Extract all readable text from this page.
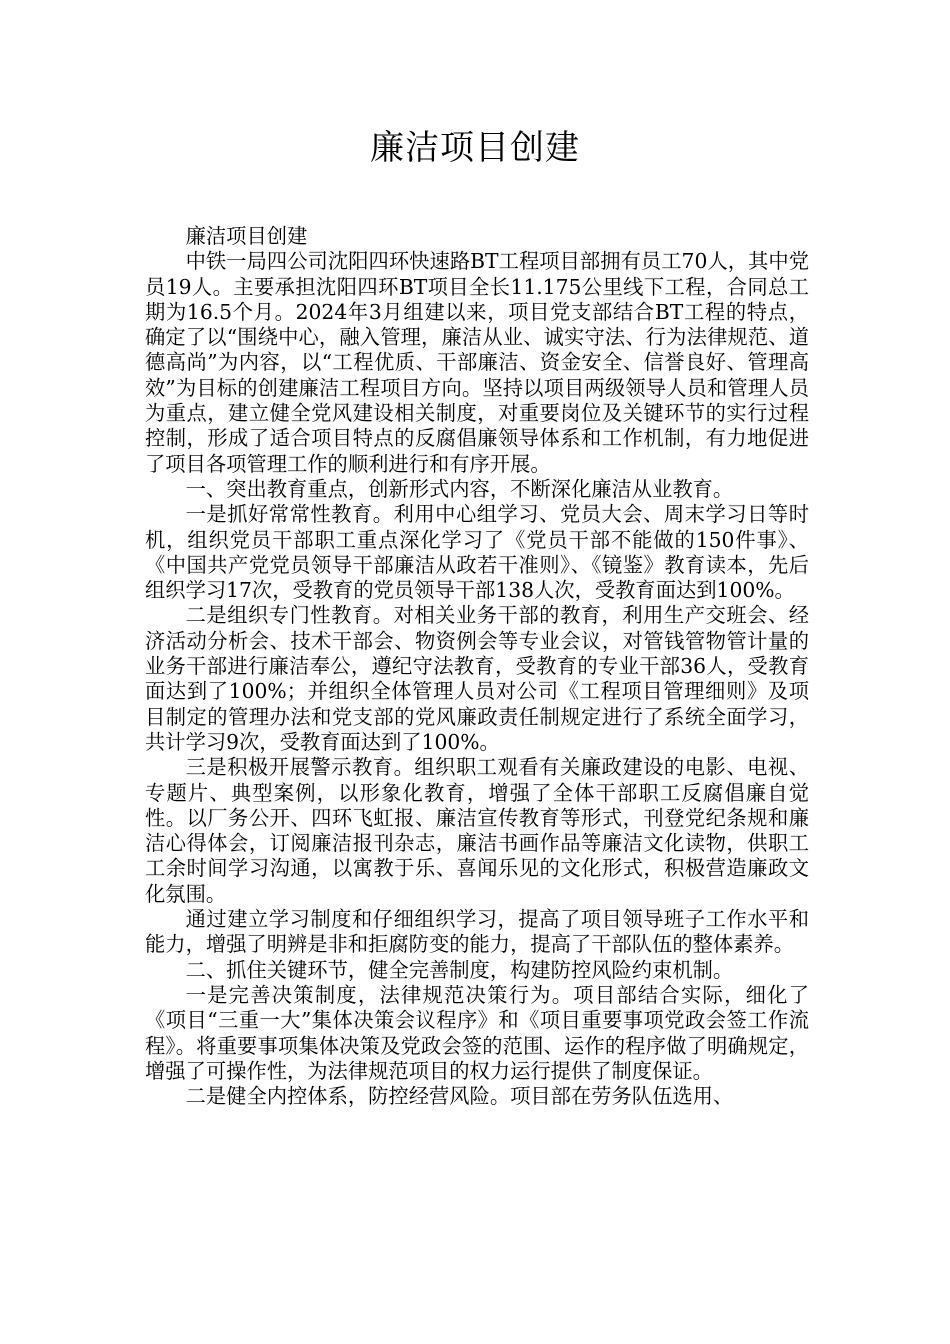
廉洁项目创建

廉洁项目创建

中铁一局四公司沈阳四环快速路BT工程项目部拥有员工70人，其中党员19人。主要承担沈阳四环BT项目全长11.175公里线下工程，合同总工期为16.5个月。2024年3月组建以来，项目党支部结合BT工程的特点，确定了以“围绕中心，融入管理，廉洁从业、诚实守法、行为法律规范、道德高尚”为内容，以“工程优质、干部廉洁、资金安全、信誉良好、管理高效”为目标的创建廉洁工程项目方向。坚持以项目两级领导人员和管理人员为重点，建立健全党风建设相关制度，对重要岗位及关键环节的实行过程控制，形成了适合项目特点的反腐倡廉领导体系和工作机制，有力地促进了项目各项管理工作的顺利进行和有序开展。

一、突出教育重点，创新形式内容，不断深化廉洁从业教育。

一是抓好常常性教育。利用中心组学习、党员大会、周末学习日等时机，组织党员干部职工重点深化学习了《党员干部不能做的150件事》、《中国共产党党员领导干部廉洁从政若干准则》、《镜鉴》教育读本，先后组织学习17次，受教育的党员领导干部138人次，受教育面达到100%。

二是组织专门性教育。对相关业务干部的教育，利用生产交班会、经济活动分析会、技术干部会、物资例会等专业会议，对管钱管物管计量的业务干部进行廉洁奉公，遵纪守法教育，受教育的专业干部36人，受教育面达到了100%；并组织全体管理人员对公司《工程项目管理细则》及项目制定的管理办法和党支部的党风廉政责任制规定进行了系统全面学习，共计学习9次，受教育面达到了100%。

三是积极开展警示教育。组织职工观看有关廉政建设的电影、电视、专题片、典型案例，以形象化教育，增强了全体干部职工反腐倡廉自觉性。以厂务公开、四环飞虹报、廉洁宣传教育等形式，刊登党纪条规和廉洁心得体会，订阅廉洁报刊杂志，廉洁书画作品等廉洁文化读物，供职工工余时间学习沟通，以寓教于乐、喜闻乐见的文化形式，积极营造廉政文化氛围。

通过建立学习制度和仔细组织学习，提高了项目领导班子工作水平和能力，增强了明辨是非和拒腐防变的能力，提高了干部队伍的整体素养。

二、抓住关键环节，健全完善制度，构建防控风险约束机制。

一是完善决策制度，法律规范决策行为。项目部结合实际，细化了《项目“三重一大”集体决策会议程序》和《项目重要事项党政会签工作流程》。将重要事项集体决策及党政会签的范围、运作的程序做了明确规定，增强了可操作性，为法律规范项目的权力运行提供了制度保证。

二是健全内控体系，防控经营风险。项目部在劳务队伍选用、
